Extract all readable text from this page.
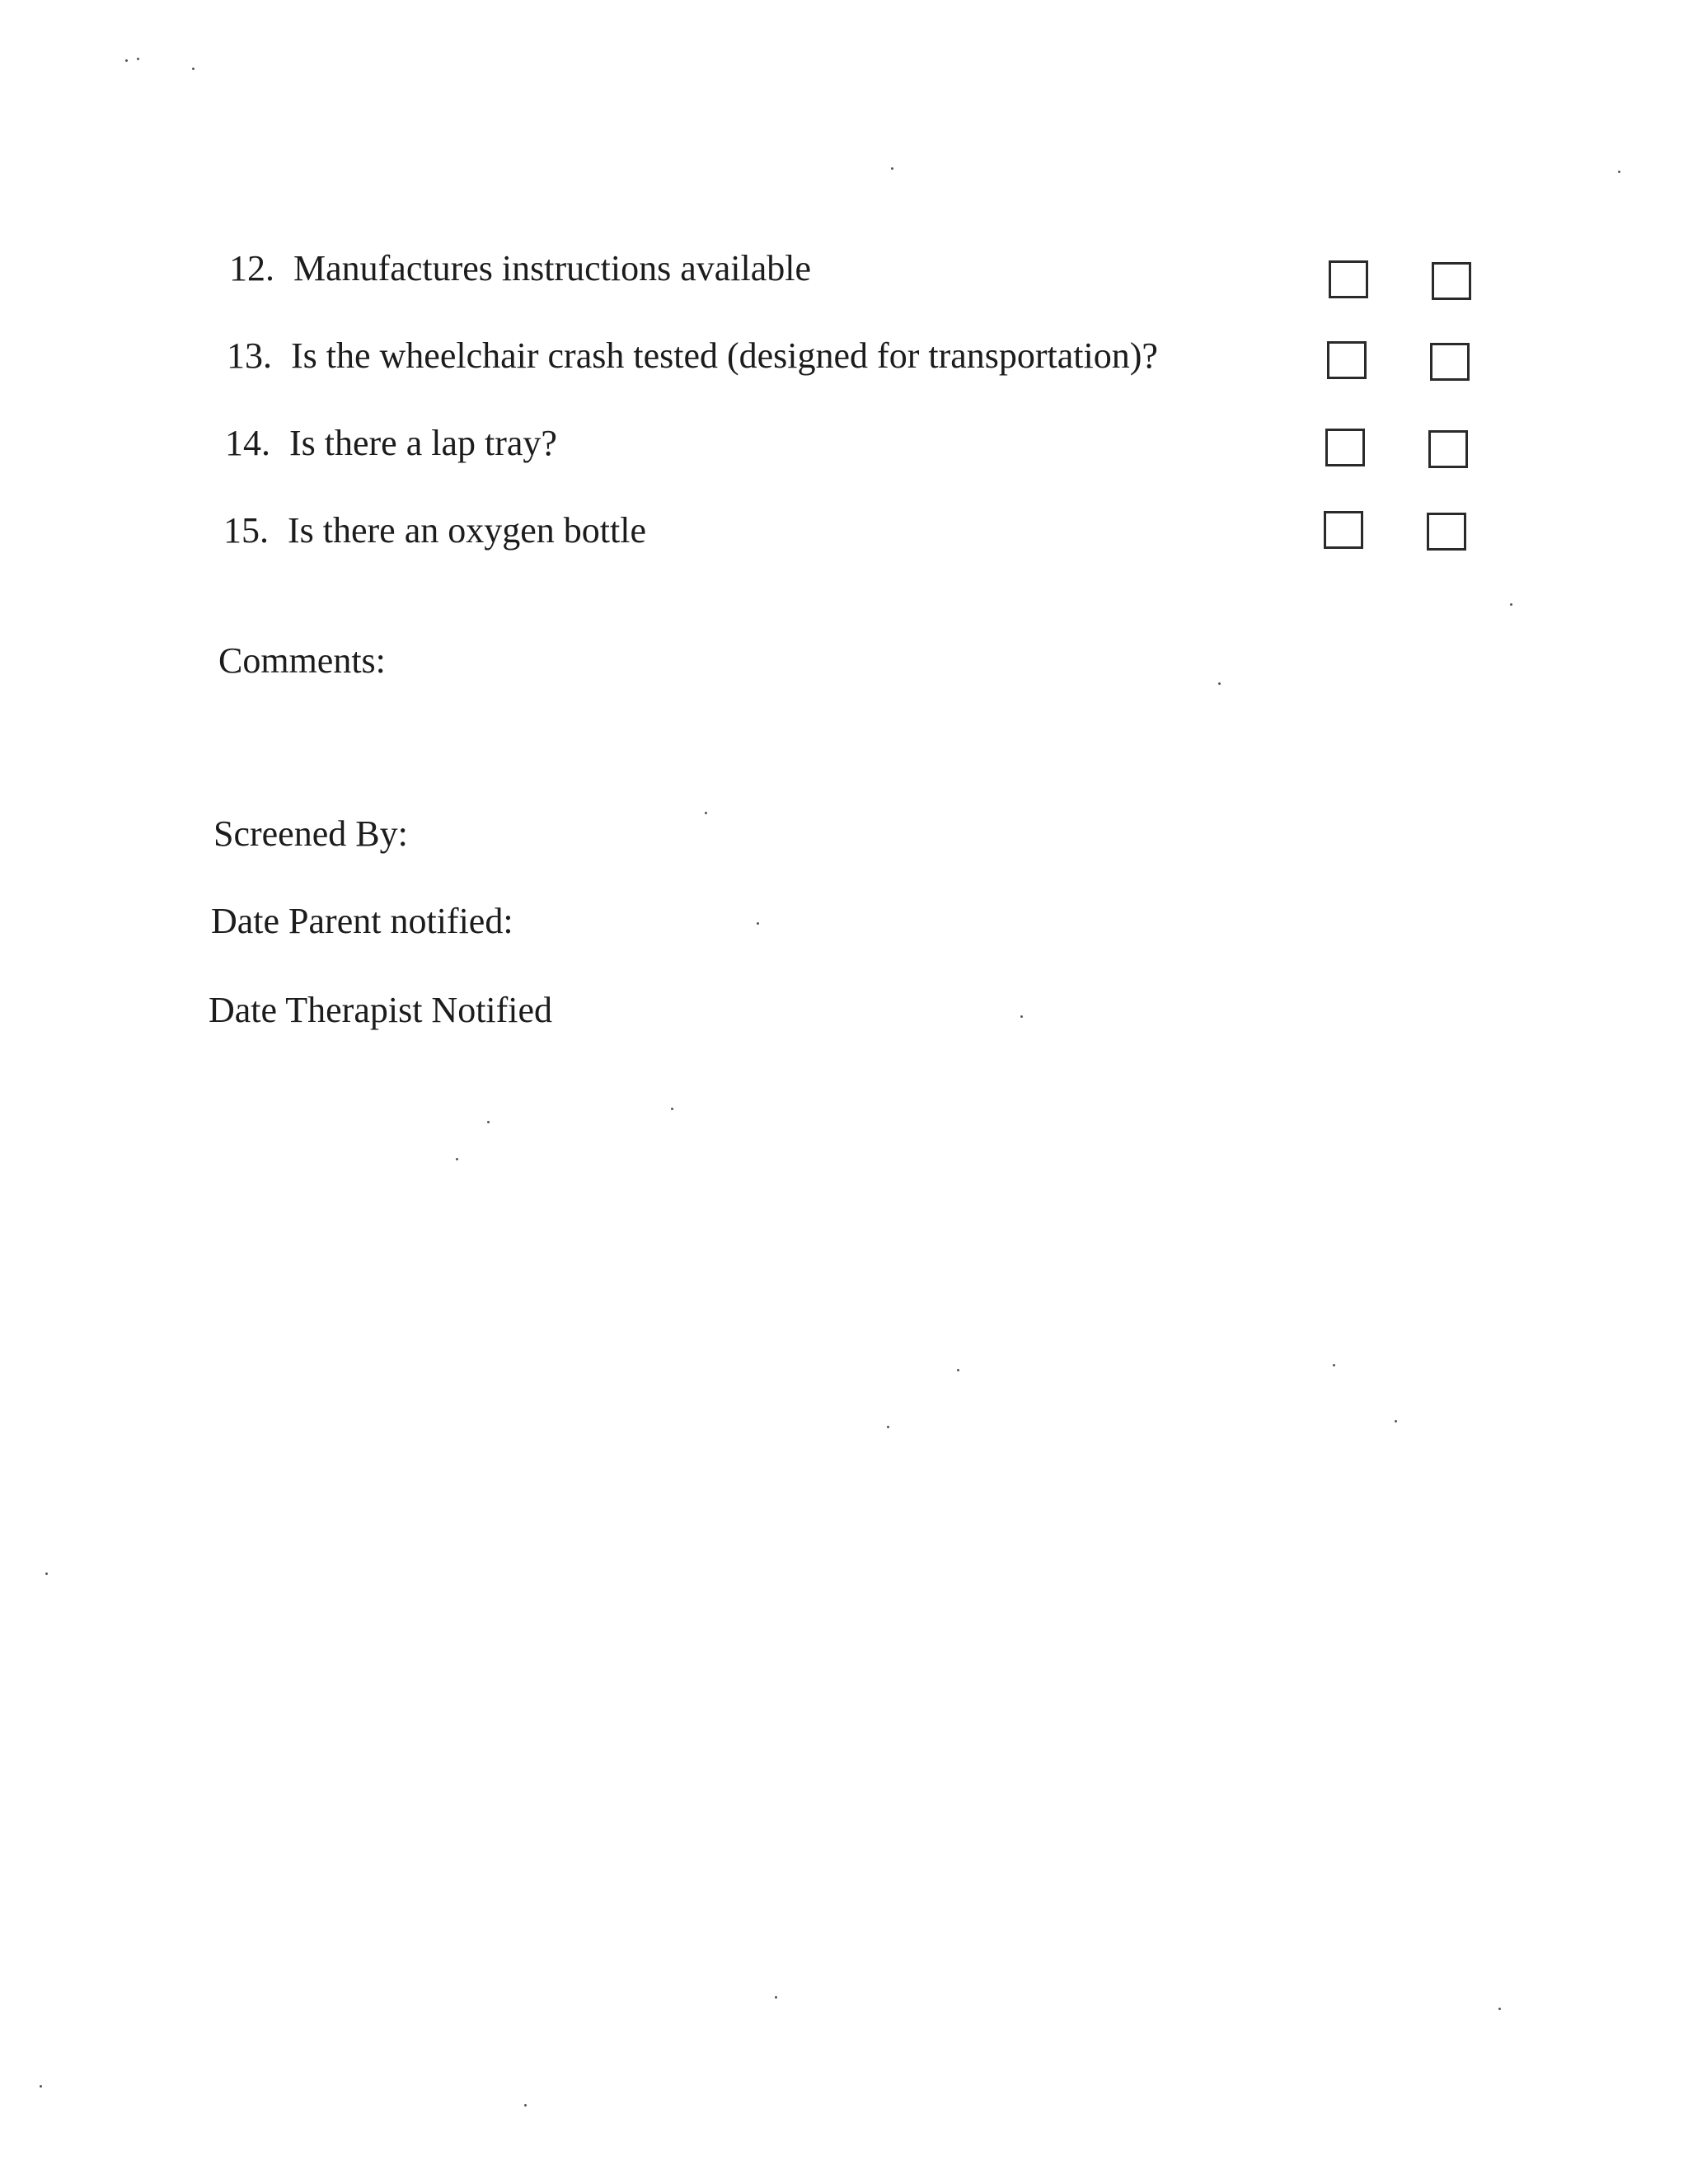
12. Manufactures instructions available
13. Is the wheelchair crash tested (designed for transportation)?
14. Is there a lap tray?
15. Is there an oxygen bottle
Comments:
Screened By:
Date Parent notified:
Date Therapist Notified
